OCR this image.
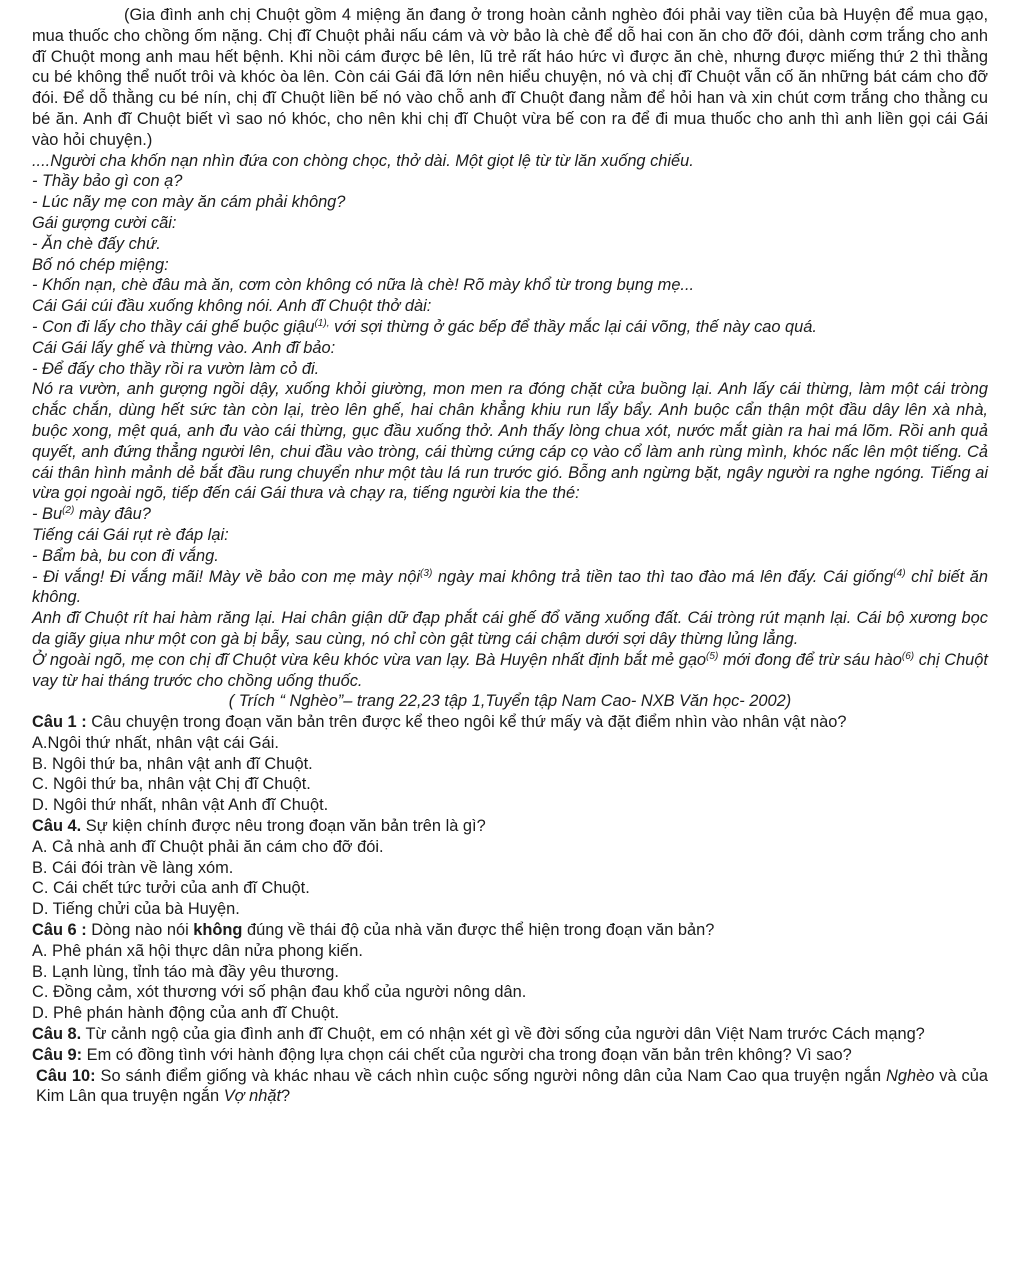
(Gia đình anh chị Chuột gồm 4 miệng ăn đang ở trong hoàn cảnh nghèo đói phải vay tiền của bà Huyện để mua gạo, mua thuốc cho chồng ốm nặng. Chị đĩ Chuột phải nấu cám và vờ bảo là chè để dỗ hai con ăn cho đỡ đói, dành cơm trắng cho anh đĩ Chuột mong anh mau hết bệnh. Khi nồi cám được bê lên, lũ trẻ rất háo hức vì được ăn chè, nhưng được miếng thứ 2 thì thằng cu bé không thể nuốt trôi và khóc òa lên. Còn cái Gái đã lớn nên hiểu chuyện, nó và chị đĩ Chuột vẫn cố ăn những bát cám cho đỡ đói. Để dỗ thằng cu bé nín, chị đĩ Chuột liền bế nó vào chỗ anh đĩ Chuột đang nằm để hỏi han và xin chút cơm trắng cho thằng cu bé ăn. Anh đĩ Chuột biết vì sao nó khóc, cho nên khi chị đĩ Chuột vừa bế con ra để đi mua thuốc cho anh thì anh liền gọi cái Gái vào hỏi chuyện.)

....Người cha khốn nạn nhìn đứa con chòng chọc, thở dài. Một giọt lệ từ từ lăn xuống chiếu.

- Thầy bảo gì con ạ?

- Lúc nãy mẹ con mày ăn cám phải không?

Gái gượng cười cãi:

- Ăn chè đấy chứ.

Bố nó chép miệng:

- Khốn nạn, chè đâu mà ăn, cơm còn không có nữa là chè! Rõ mày khổ từ trong bụng mẹ...

Cái Gái cúi đầu xuống không nói. Anh đĩ Chuột thở dài:

- Con đi lấy cho thầy cái ghế buộc giậu$^{(1),}$ với sợi thừng ở gác bếp để thầy mắc lại cái võng, thế này cao quá.

Cái Gái lấy ghế và thừng vào. Anh đĩ bảo:

- Để đấy cho thầy rồi ra vườn làm cỏ đi.

Nó ra vườn, anh gượng ngồi dậy, xuống khỏi giường, mon men ra đóng chặt cửa buồng lại. Anh lấy cái thừng, làm một cái tròng chắc chắn, dùng hết sức tàn còn lại, trèo lên ghế, hai chân khẳng khiu run lẩy bẩy. Anh buộc cẩn thận một đầu dây lên xà nhà, buộc xong, mệt quá, anh đu vào cái thừng, gục đầu xuống thở. Anh thấy lòng chua xót, nước mắt giàn ra hai má lõm. Rồi anh quả quyết, anh đứng thẳng người lên, chui đầu vào tròng, cái thừng cứng cáp cọ vào cổ làm anh rùng mình, khóc nấc lên một tiếng. Cả cái thân hình mảnh dẻ bắt đầu rung chuyển như một tàu lá run trước gió. Bỗng anh ngừng bặt, ngây người ra nghe ngóng. Tiếng ai vừa gọi ngoài ngõ, tiếp đến cái Gái thưa và chạy ra, tiếng người kia the thé:

- Bu$^{(2)}$ mày đâu?

Tiếng cái Gái rụt rè đáp lại:

- Bẩm bà, bu con đi vắng.

- Đi vắng! Đi vắng mãi! Mày về bảo con mẹ mày nội$^{(3)}$ ngày mai không trả tiền tao thì tao đào má lên đấy. Cái giống$^{(4)}$ chỉ biết ăn không.

Anh đĩ Chuột rít hai hàm răng lại. Hai chân giận dữ đạp phắt cái ghế đổ văng xuống đất. Cái tròng rút mạnh lại. Cái bộ xương bọc da giãy giụa như một con gà bị bẫy, sau cùng, nó chỉ còn gật từng cái chậm dưới sợi dây thừng lủng lẳng.

Ở ngoài ngõ, mẹ con chị đĩ Chuột vừa kêu khóc vừa van lạy. Bà Huyện nhất định bắt mẻ gạo$^{(5)}$ mới đong để trừ sáu hào$^{(6)}$ chị Chuột vay từ hai tháng trước cho chồng uống thuốc.

( Trích “ Nghèo”– trang 22,23 tập 1,Tuyển tập Nam Cao- NXB Văn học- 2002)

Câu 1 : Câu chuyện trong đoạn văn bản trên được kể theo ngôi kể thứ mấy và đặt điểm nhìn vào nhân vật nào?

A.Ngôi thứ nhất, nhân vật cái Gái.

B. Ngôi thứ ba, nhân vật anh đĩ Chuột.

C. Ngôi thứ ba, nhân vật Chị đĩ Chuột.

D. Ngôi thứ nhất, nhân vật Anh đĩ Chuột.

Câu 4. Sự kiện chính được nêu trong đoạn văn bản trên là gì?

A. Cả nhà anh đĩ Chuột phải ăn cám cho đỡ đói.

B. Cái đói tràn về làng xóm.

C. Cái chết tức tưởi của anh đĩ Chuột.

D. Tiếng chửi của bà Huyện.

Câu 6 : Dòng nào nói không đúng về thái độ của nhà văn được thể hiện trong đoạn văn bản?

A. Phê phán xã hội thực dân nửa phong kiến.

B. Lạnh lùng, tỉnh táo mà đầy yêu thương.

C. Đồng cảm, xót thương với số phận đau khổ của người nông dân.

D. Phê phán hành động của anh đĩ Chuột.

Câu 8. Từ cảnh ngộ của gia đình anh đĩ Chuột, em có nhận xét gì về đời sống của người dân Việt Nam trước Cách mạng?

Câu 9: Em có đồng tình với hành động lựa chọn cái chết của người cha trong đoạn văn bản trên không? Vì sao?

Câu 10: So sánh điểm giống và khác nhau về cách nhìn cuộc sống người nông dân của Nam Cao qua truyện ngắn Nghèo và của Kim Lân qua truyện ngắn Vợ nhặt?
